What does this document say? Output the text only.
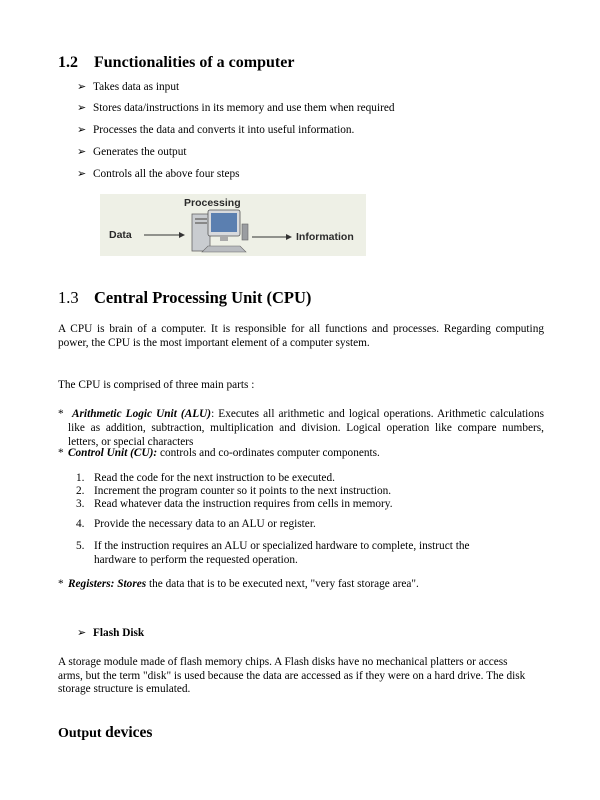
1.2 Functionalities of a computer
➢ Takes data as input
➢ Stores data/instructions in its memory and use them when required
➢ Processes the data and converts it into useful information.
➢ Generates the output
➢ Controls all the above four steps
Processing
Data	Information
1.3 Central Processing Unit (CPU)
A CPU is brain of a computer. It is responsible for all functions and processes. Regarding computing power, the CPU is the most important element of a computer system.
The CPU is comprised of three main parts :
* Arithmetic Logic Unit (ALU): Executes all arithmetic and logical operations. Arithmetic calculations like as addition, subtraction, multiplication and division. Logical operation like compare numbers, letters, or special characters
* Control Unit (CU): controls and co-ordinates computer components.
1. Read the code for the next instruction to be executed.
2. Increment the program counter so it points to the next instruction.
3. Read whatever data the instruction requires from cells in memory.
4. Provide the necessary data to an ALU or register.
5. If the instruction requires an ALU or specialized hardware to complete, instruct the hardware to perform the requested operation.
* Registers: Stores the data that is to be executed next, "very fast storage area".
➢ Flash Disk
A storage module made of flash memory chips. A Flash disks have no mechanical platters or access arms, but the term "disk" is used because the data are accessed as if they were on a hard drive. The disk storage structure is emulated.
Output devices
